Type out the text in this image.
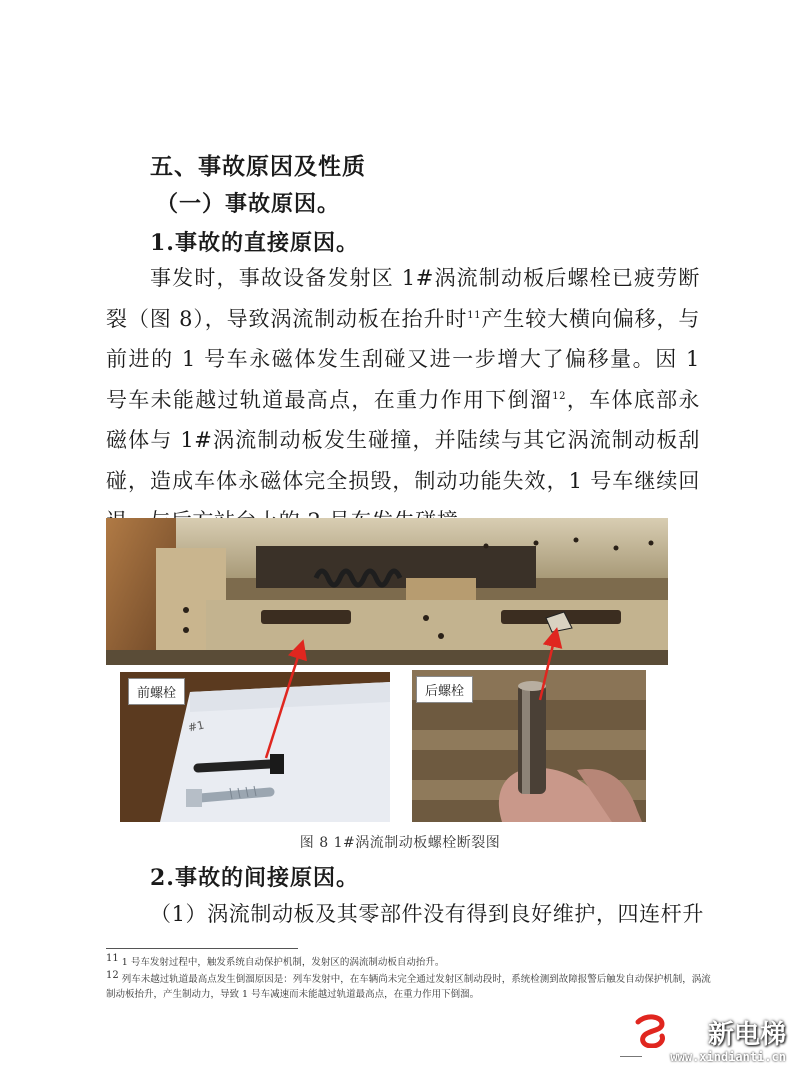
五、事故原因及性质
（一）事故原因。
1.事故的直接原因。
事发时，事故设备发射区 1#涡流制动板后螺栓已疲劳断裂（图 8），导致涡流制动板在抬升时$^{11}$产生较大横向偏移，与前进的 1 号车永磁体发生刮碰又进一步增大了偏移量。因 1 号车未能越过轨道最高点，在重力作用下倒溜$^{12}$，车体底部永磁体与 1#涡流制动板发生碰撞，并陆续与其它涡流制动板刮碰，造成车体永磁体完全损毁，制动功能失效，1 号车继续回
前螺栓
#1
后螺栓
图 8 1#涡流制动板螺栓断裂图
2.事故的间接原因。
（1）涡流制动板及其零部件没有得到良好维护，四连杆升
$^{11}$ 1 号车发射过程中，触发系统自动保护机制，发射区的涡流制动板自动抬升。
$^{12}$ 列车未越过轨道最高点发生倒溜原因是：列车发射中，在车辆尚未完全通过发射区制动段时，系统检测到故障报警后触发自动保护机制，涡流制动板抬升，产生制动力，导致 1 号车减速而未能越过轨道最高点，在重力作用下倒溜。
新电梯
www.xindianti.cn
